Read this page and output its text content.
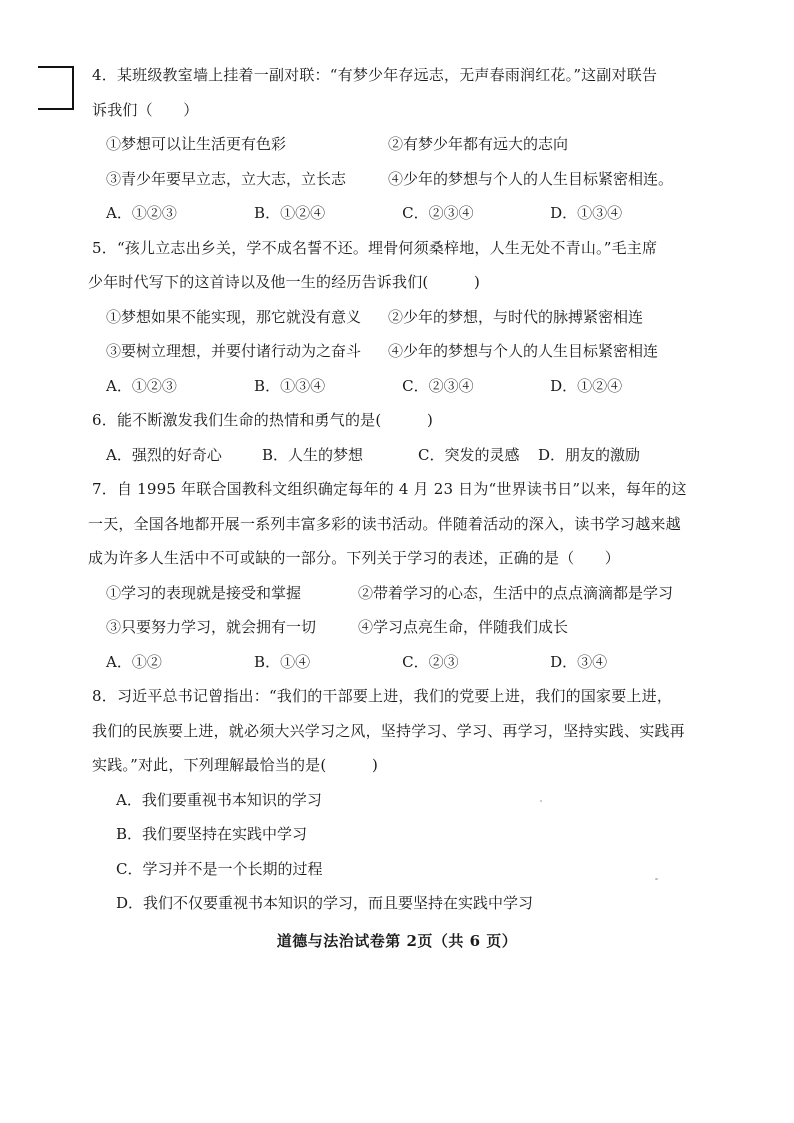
4．某班级教室墙上挂着一副对联：“有梦少年存远志，无声春雨润红花。”这副对联告
诉我们（　　）
①梦想可以让生活更有色彩	②有梦少年都有远大的志向
③青少年要早立志，立大志，立长志	④少年的梦想与个人的人生目标紧密相连。
A．①②③	B．①②④	C．②③④	D．①③④
5．“孩儿立志出乡关，学不成名誓不还。埋骨何须桑梓地，人生无处不青山。”毛主席
少年时代写下的这首诗以及他一生的经历告诉我们(　　　)
①梦想如果不能实现，那它就没有意义	②少年的梦想，与时代的脉搏紧密相连
③要树立理想，并要付诸行动为之奋斗	④少年的梦想与个人的人生目标紧密相连
A．①②③	B．①③④	C．②③④	D．①②④
6．能不断激发我们生命的热情和勇气的是(　　　)
A．强烈的好奇心	B．人生的梦想	C．突发的灵感	D．朋友的激励
7．自 1995 年联合国教科文组织确定每年的 4 月 23 日为“世界读书日”以来，每年的这
一天，全国各地都开展一系列丰富多彩的读书活动。伴随着活动的深入，读书学习越来越
成为许多人生活中不可或缺的一部分。下列关于学习的表述，正确的是（　　）
①学习的表现就是接受和掌握	②带着学习的心态，生活中的点点滴滴都是学习
③只要努力学习，就会拥有一切	④学习点亮生命，伴随我们成长
A．①②	B．①④	C．②③	D．③④
8．习近平总书记曾指出：“我们的干部要上进，我们的党要上进，我们的国家要上进，
我们的民族要上进，就必须大兴学习之风，坚持学习、学习、再学习，坚持实践、实践再
实践。”对此，下列理解最恰当的是(　　　)
A．我们要重视书本知识的学习
B．我们要坚持在实践中学习
C．学习并不是一个长期的过程
D．我们不仅要重视书本知识的学习，而且要坚持在实践中学习
道德与法治试卷第 2页（共 6 页）
